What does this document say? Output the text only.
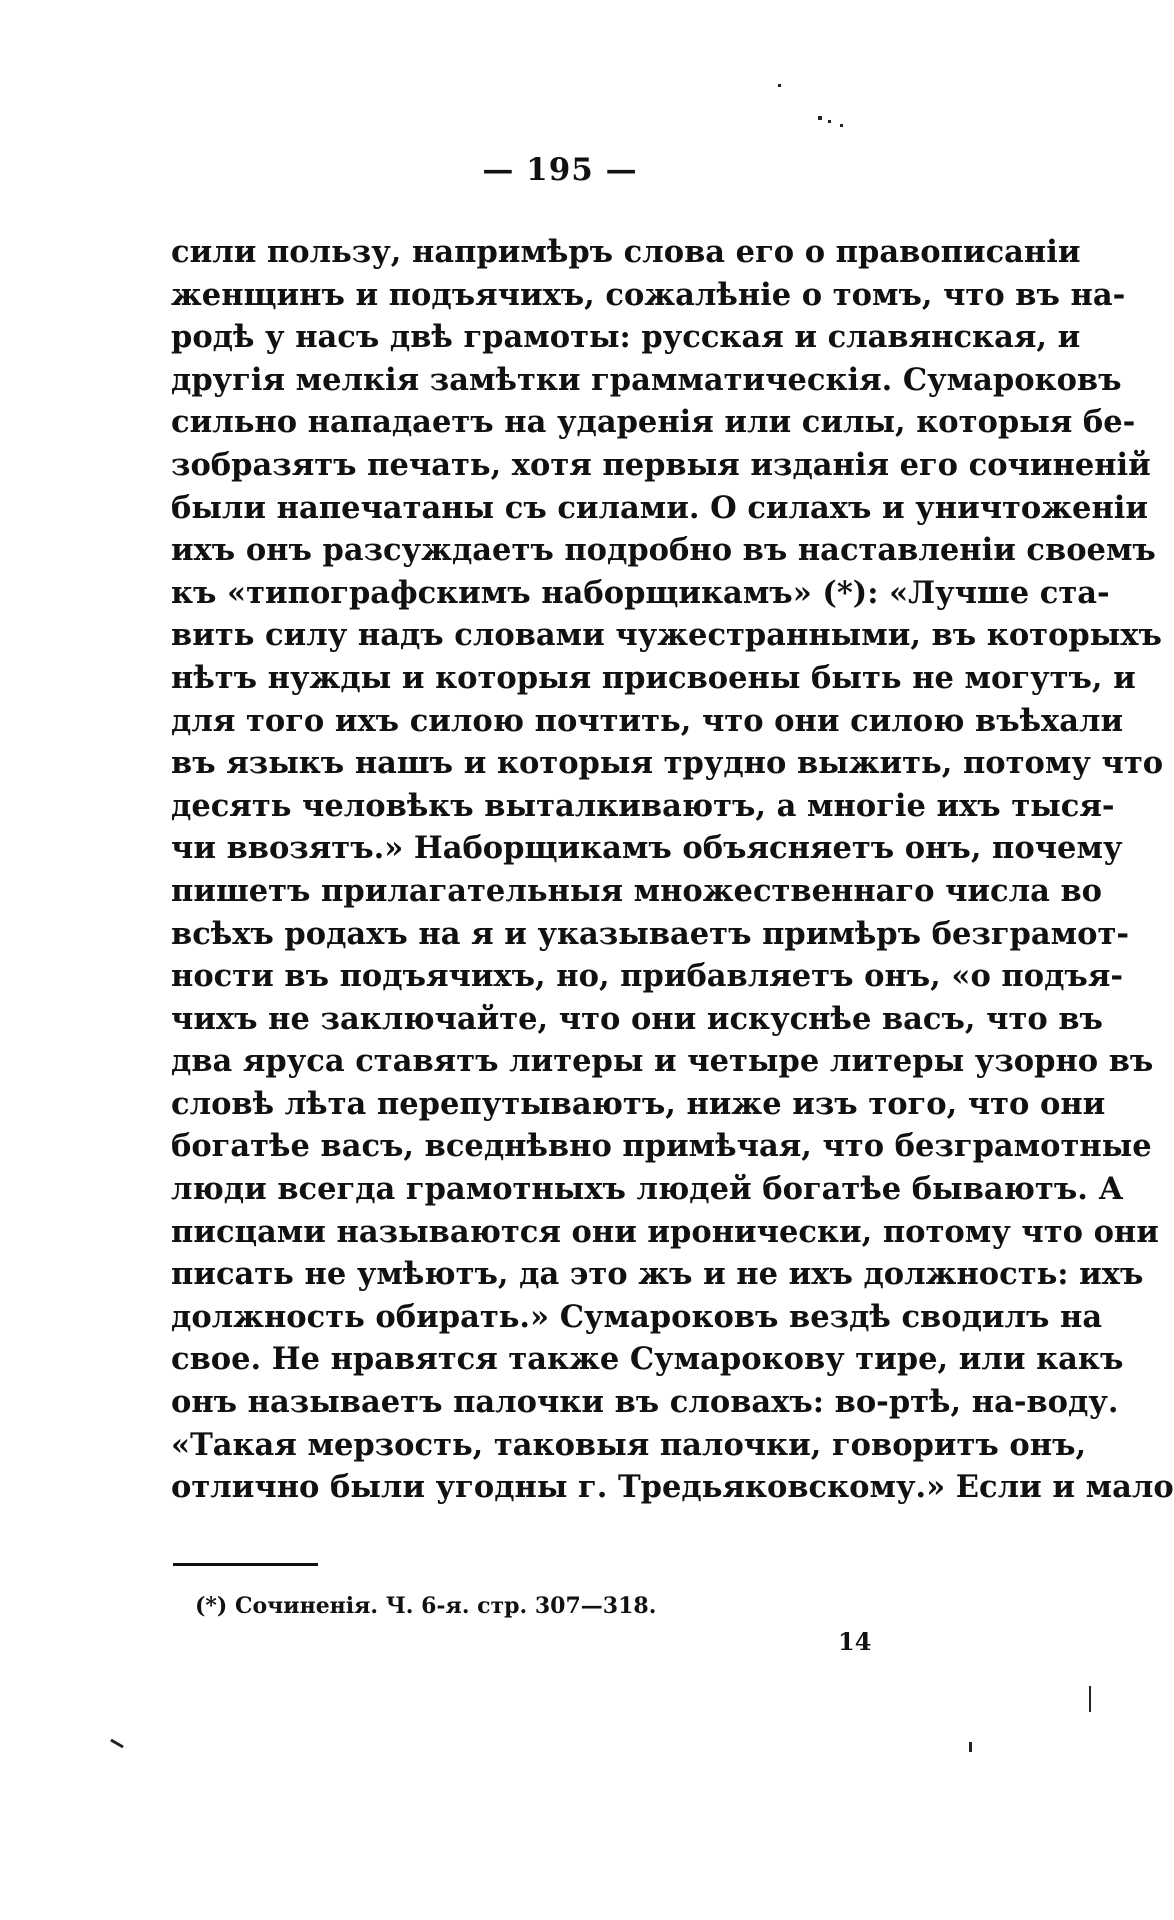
— 195 —

сили пользу, напримѣръ слова его о правописаніи
женщинъ и подъячихъ, сожалѣніе о томъ, что въ на-
родѣ у насъ двѣ грамоты: русская и славянская, и
другія мелкія замѣтки грамматическія. Сумароковъ
сильно нападаетъ на ударенія или силы, которыя бе-
зобразятъ печать, хотя первыя изданія его сочиненій
были напечатаны съ силами. О силахъ и уничтоженіи
ихъ онъ разсуждаетъ подробно въ наставленіи своемъ
къ «типографскимъ наборщикамъ» (*): «Лучше ста-
вить силу надъ словами чужестранными, въ которыхъ
нѣтъ нужды и которыя присвоены быть не могутъ, и
для того ихъ силою почтить, что они силою въѣхали
въ языкъ нашъ и которыя трудно выжить, потому что
десять человѣкъ выталкиваютъ, а многіе ихъ тыся-
чи ввозятъ.» Наборщикамъ объясняетъ онъ, почему
пишетъ прилагательныя множественнаго числа во
всѣхъ родахъ на я и указываетъ примѣръ безграмот-
ности въ подъячихъ, но, прибавляетъ онъ, «о подъя-
чихъ не заключайте, что они искуснѣе васъ, что въ
два яруса ставятъ литеры и четыре литеры узорно въ
словѣ лѣта перепутываютъ, ниже изъ того, что они
богатѣе васъ, вседнѣвно примѣчая, что безграмотные
люди всегда грамотныхъ людей богатѣе бываютъ. А
писцами называются они иронически, потому что они
писать не умѣютъ, да это жъ и не ихъ должность: ихъ
должность обирать.» Сумароковъ вездѣ сводилъ на
свое. Не нравятся также Сумарокову тире, или какъ
онъ называетъ палочки въ словахъ: во-ртѣ, на-воду.
«Такая мерзость, таковыя палочки, говоритъ онъ,
отлично были угодны г. Тредьяковскому.» Если и мало

(*) Сочиненія. Ч. 6-я. стр. 307—318.

14
